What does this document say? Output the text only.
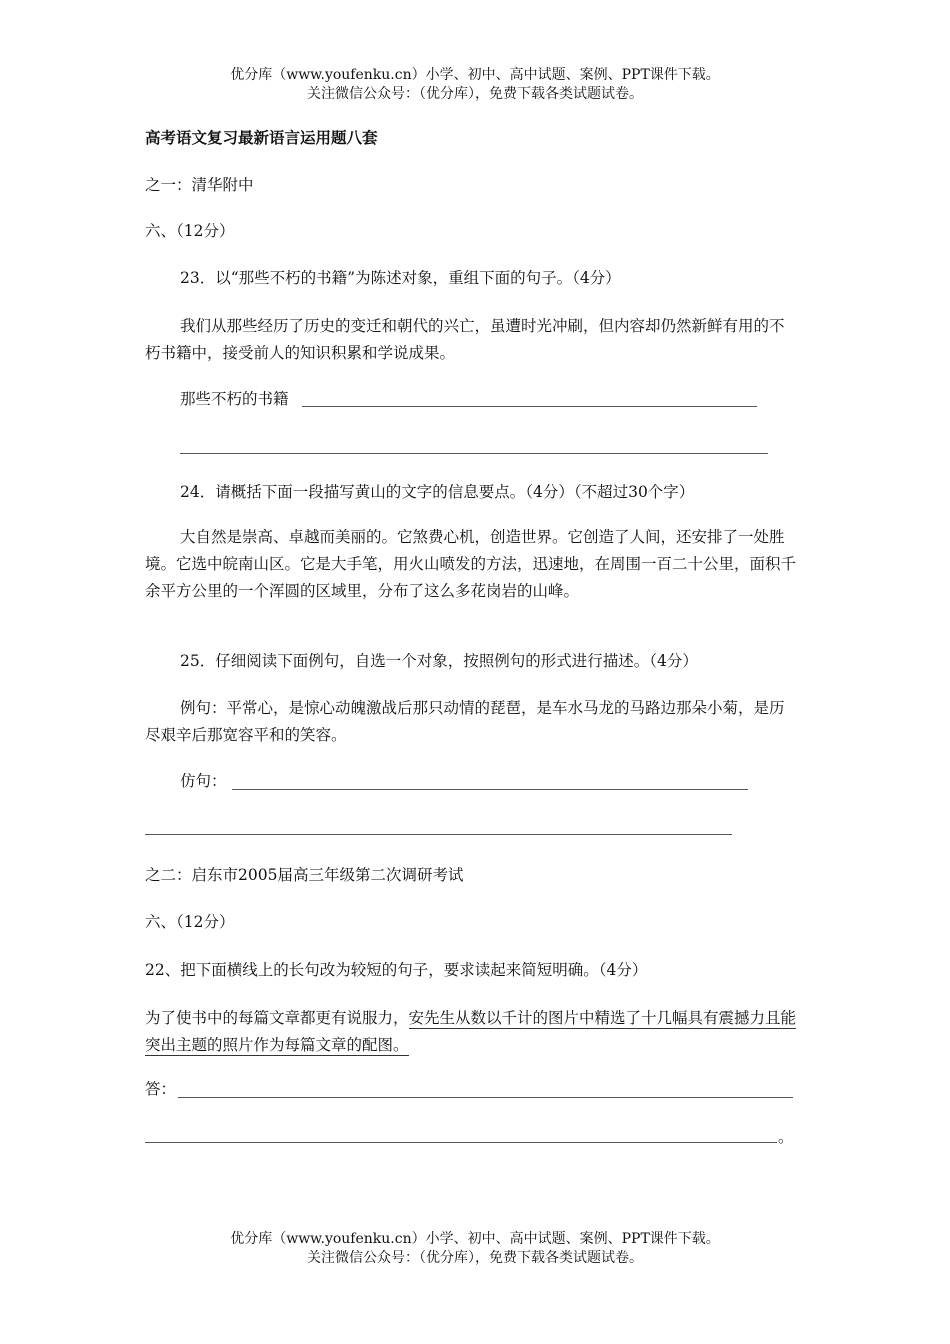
优分库（www.youfenku.cn）小学、初中、高中试题、案例、PPT课件下载。
关注微信公众号：（优分库），免费下载各类试题试卷。
高考语文复习最新语言运用题八套
之一：清华附中
六、（12分）
23．以“那些不朽的书籍”为陈述对象，重组下面的句子。（4分）
我们从那些经历了历史的变迁和朝代的兴亡，虽遭时光冲刷，但内容却仍然新鲜有用的不朽书籍中，接受前人的知识积累和学说成果。
那些不朽的书籍
24．请概括下面一段描写黄山的文字的信息要点。（4分）（不超过30个字）
大自然是崇高、卓越而美丽的。它煞费心机，创造世界。它创造了人间，还安排了一处胜境。它选中皖南山区。它是大手笔，用火山喷发的方法，迅速地，在周围一百二十公里，面积千余平方公里的一个浑圆的区域里，分布了这么多花岗岩的山峰。
25．仔细阅读下面例句，自选一个对象，按照例句的形式进行描述。（4分）
例句：平常心，是惊心动魄激战后那只动情的琵琶，是车水马龙的马路边那朵小菊，是历尽艰辛后那宽容平和的笑容。
仿句：
之二：启东市2005届高三年级第二次调研考试
六、（12分）
22、把下面横线上的长句改为较短的句子，要求读起来简短明确。（4分）
为了使书中的每篇文章都更有说服力，安先生从数以千计的图片中精选了十几幅具有震撼力且能突出主题的照片作为每篇文章的配图。
答：
。
优分库（www.youfenku.cn）小学、初中、高中试题、案例、PPT课件下载。
关注微信公众号：（优分库），免费下载各类试题试卷。
